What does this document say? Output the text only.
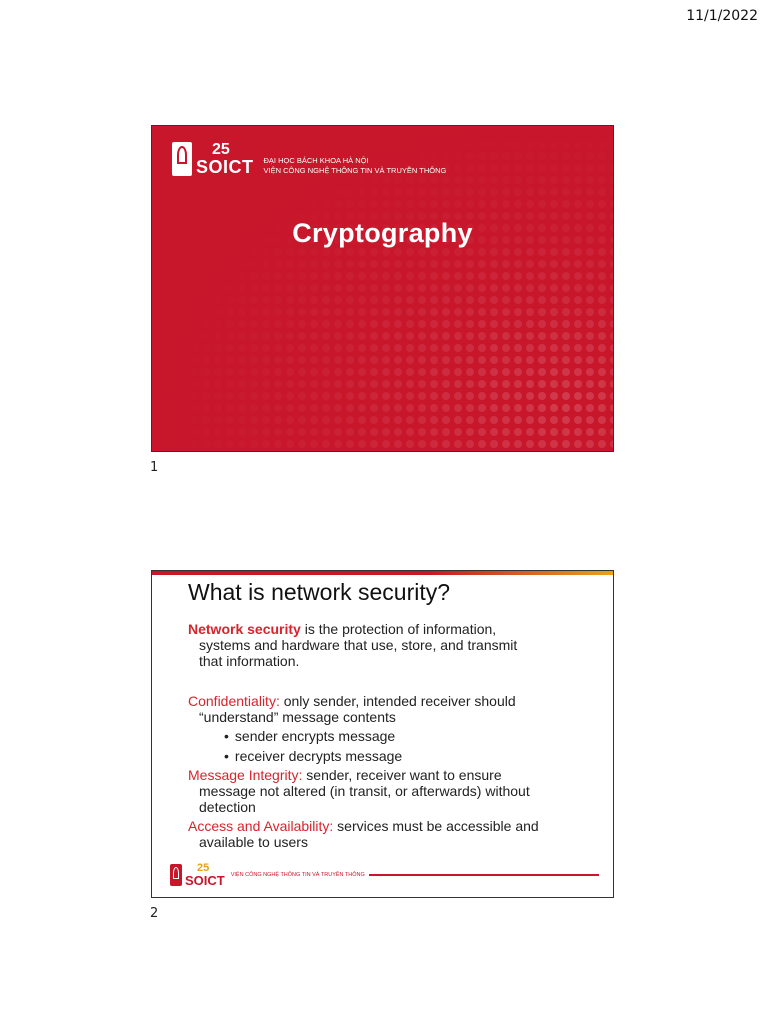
11/1/2022
25
SOICT ĐẠI HỌC BÁCH KHOA HÀ NỘI
VIỆN CÔNG NGHỆ THÔNG TIN VÀ TRUYỀN THÔNG
Cryptography
1
What is network security?

Network security is the protection of information,
systems and hardware that use, store, and transmit
that information.

Confidentiality: only sender, intended receiver should
“understand” message contents

• sender encrypts message
• receiver decrypts message

Message Integrity: sender, receiver want to ensure
message not altered (in transit, or afterwards) without
detection

Access and Availability: services must be accessible and
available to users

25
SOICT VIỆN CÔNG NGHỆ THÔNG TIN VÀ TRUYỀN THÔNG
2
